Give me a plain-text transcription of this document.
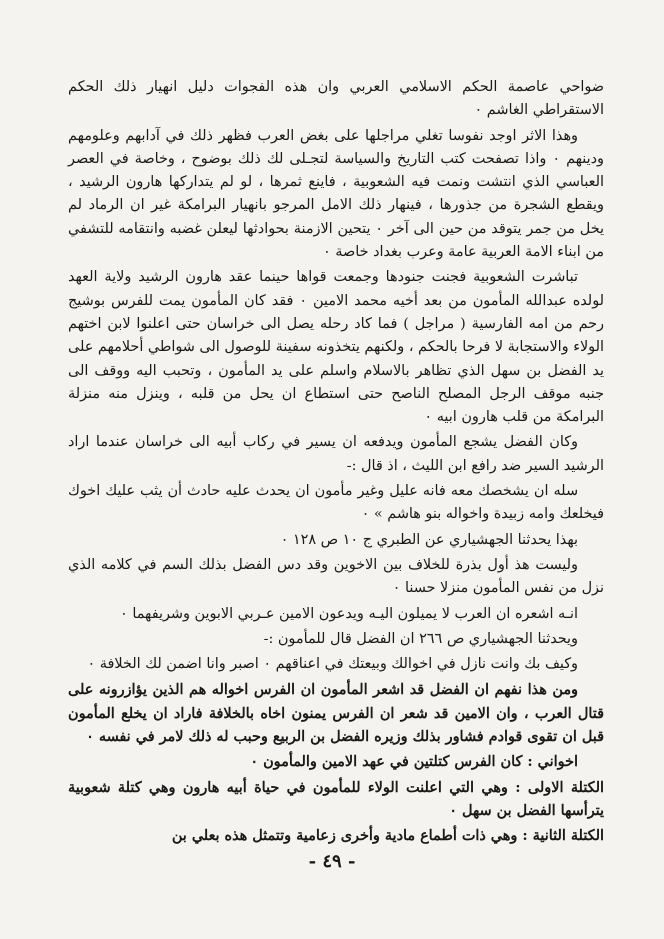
ضواحي عاصمة الحكم الاسلامي العربي وان هذه الفجوات دليل انهيار ذلك الحكم الاستقراطي الغاشم ٠

وهذا الاثر اوجد نفوسا تغلي مراجلها على بغض العرب فظهر ذلك في آدابهم وعلومهم ودينهم ٠ واذا تصفحت كتب التاريخ والسياسة لتجـلى لك ذلك بوضوح ، وخاصة في العصر العباسي الذي انتشت ونمت فيه الشعوبية ، فاينع ثمرها ، لو لم يتداركها هارون الرشيد ، ويقطع الشجرة من جذورها ، فينهار ذلك الامل المرجو بانهيار البرامكة غير ان الرماد لم يخل من جمر يتوقد من حين الى آخر ٠ يتحين الازمنة بحوادثها ليعلن غضبه وانتقامه للتشفي من ابناء الامة العربية عامة وعرب بغداد خاصة ٠

تباشرت الشعوبية فجنت جنودها وجمعت قواها حينما عقد هارون الرشيد ولاية العهد لولده عبدالله المأمون من بعد أخيه محمد الامين ٠ فقد كان المأمون يمت للفرس بوشيج رحم من امه الفارسية ( مراجل ) فما كاد رحله يصل الى خراسان حتى اعلنوا لابن اختهم الولاء والاستجابة لا فرحا بالحكم ، ولكنهم يتخذونه سفينة للوصول الى شواطي أحلامهم على يد الفضل بن سهل الذي تظاهر بالاسلام واسلم على يد المأمون ، وتحبب اليه ووقف الى جنبه موقف الرجل المصلح الناصح حتى استطاع ان يحل من قلبه ، وينزل منه منزلة البرامكة من قلب هارون ابيه ٠

وكان الفضل يشجع المأمون ويدفعه ان يسير في ركاب أبيه الى خراسان عندما اراد الرشيد السير ضد رافع ابن الليث ، اذ قال :-

سله ان يشخصك معه فانه عليل وغير مأمون ان يحدث عليه حادث أن يثب عليك اخوك فيخلعك وامه زبيدة واخواله بنو هاشم » ٠

بهذا يحدثنا الجهشياري عن الطبري ج ١٠ ص ١٢٨ ٠

وليست هذ أول بذرة للخلاف بين الاخوين وقد دس الفضل بذلك السم في كلامه الذي نزل من نفس المأمون منزلا حسنا ٠

انـه اشعره ان العرب لا يميلون اليـه ويدعون الامين عـربي الابوين وشريفهما ٠

ويحدثنا الجهشياري ص ٢٦٦ ان الفضل قال للمأمون :-

وكيف بك وانت نازل في اخوالك وبيعتك في اعناقهم ٠ اصبر وانا اضمن لك الخلافة ٠

ومن هذا نفهم ان الفضل قد اشعر المأمون ان الفرس اخواله هم الذين يؤازرونه على قتال العرب ، وان الامين قد شعر ان الفرس يمنون اخاه بالخلافة فاراد ان يخلع المأمون قبل ان تقوى قوادم فشاور بذلك وزيره الفضل بن الربيع وحبب له ذلك لامر في نفسه ٠

اخواني : كان الفرس كتلتين في عهد الامين والمأمون ٠

الكتلة الاولى : وهي التي اعلنت الولاء للمأمون في حياة أبيه هارون وهي كتلة شعوبية يترأسها الفضل بن سهل ٠

الكتلة الثانية : وهي ذات أطماع مادية وأخرى زعامية وتتمثل هذه بعلي بن

- ٤٩ -
